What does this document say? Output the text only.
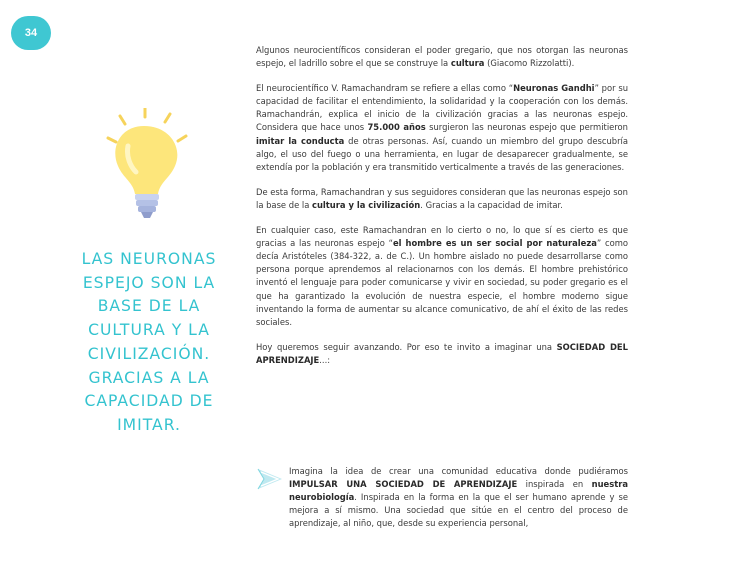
34
LAS NEURONAS ESPEJO SON LA BASE DE LA CULTURA Y LA CIVILIZACIÓN. GRACIAS A LA CAPACIDAD DE IMITAR.

Algunos neurocientíficos consideran el poder gregario, que nos otorgan las neuronas espejo, el ladrillo sobre el que se construye la cultura (Giacomo Rizzolatti).

El neurocientífico V. Ramachandram se refiere a ellas como “Neuronas Gandhi” por su capacidad de facilitar el entendimiento, la solidaridad y la cooperación con los demás. Ramachandrán, explica el inicio de la civilización gracias a las neuronas espejo. Considera que hace unos 75.000 años surgieron las neuronas espejo que permitieron imitar la conducta de otras personas. Así, cuando un miembro del grupo descubría algo, el uso del fuego o una herramienta, en lugar de desaparecer gradualmente, se extendía por la población y era transmitido verticalmente a través de las generaciones.

De esta forma, Ramachandran y sus seguidores consideran que las neuronas espejo son la base de la cultura y la civilización. Gracias a la capacidad de imitar.

En cualquier caso, este Ramachandran en lo cierto o no, lo que sí es cierto es que gracias a las neuronas espejo “el hombre es un ser social por naturaleza” como decía Aristóteles (384-322, a. de C.). Un hombre aislado no puede desarrollarse como persona porque aprendemos al relacionarnos con los demás. El hombre prehistórico inventó el lenguaje para poder comunicarse y vivir en sociedad, su poder gregario es el que ha garantizado la evolución de nuestra especie, el hombre moderno sigue inventando la forma de aumentar su alcance comunicativo, de ahí el éxito de las redes sociales.

Hoy queremos seguir avanzando. Por eso te invito a imaginar una SOCIEDAD DEL APRENDIZAJE...:

Imagina la idea de crear una comunidad educativa donde pudiéramos IMPULSAR UNA SOCIEDAD DE APRENDIZAJE inspirada en nuestra neurobiología. Inspirada en la forma en la que el ser humano aprende y se mejora a sí mismo. Una sociedad que sitúe en el centro del proceso de aprendizaje, al niño, que, desde su experiencia personal,
